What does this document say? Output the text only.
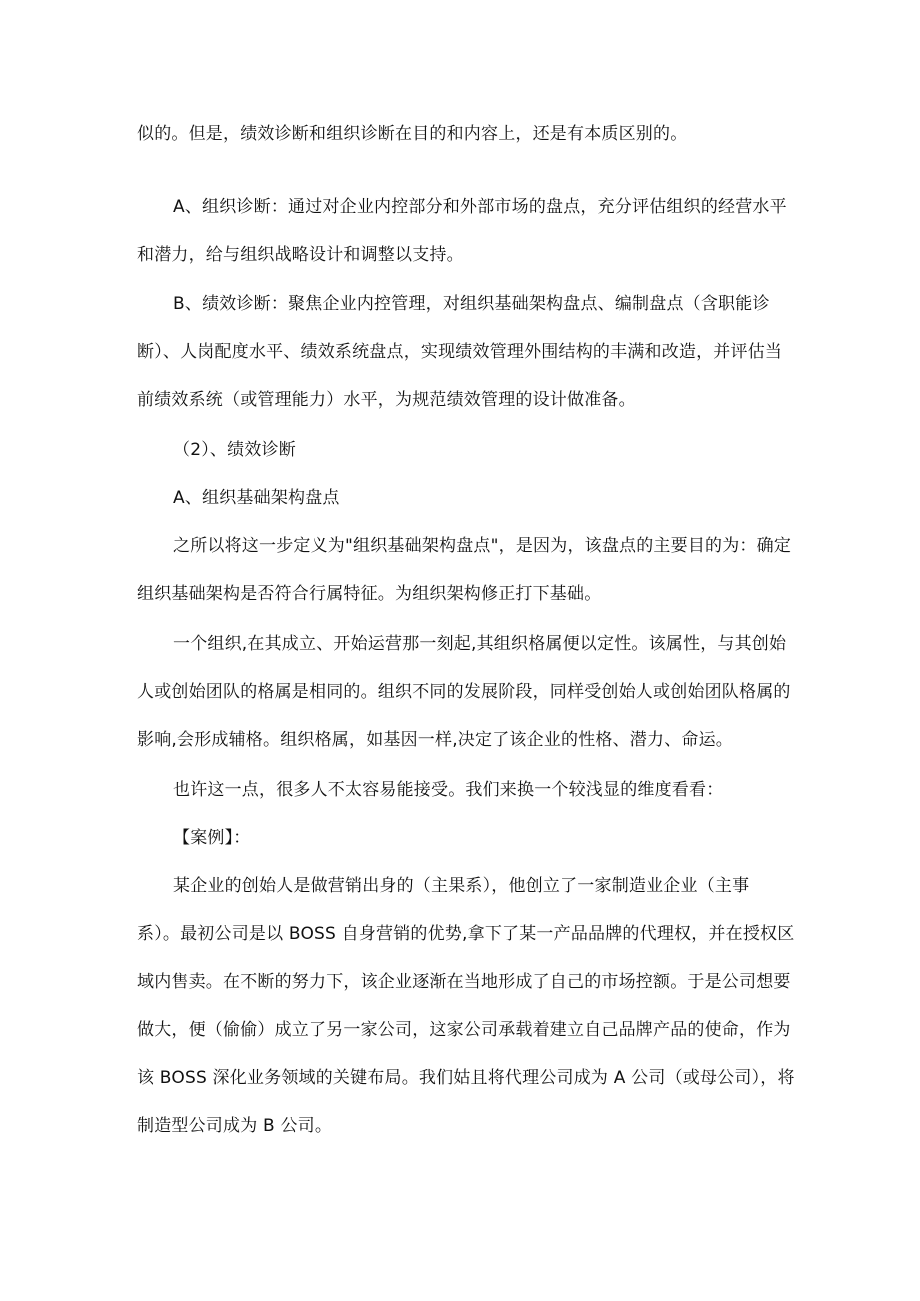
似的。但是，绩效诊断和组织诊断在目的和内容上，还是有本质区别的。
A、组织诊断：通过对企业内控部分和外部市场的盘点，充分评估组织的经营水平
和潜力，给与组织战略设计和调整以支持。
B、绩效诊断：聚焦企业内控管理，对组织基础架构盘点、编制盘点（含职能诊
断）、人岗配度水平、绩效系统盘点，实现绩效管理外围结构的丰满和改造，并评估当
前绩效系统（或管理能力）水平，为规范绩效管理的设计做准备。
（2）、绩效诊断
A、组织基础架构盘点
之所以将这一步定义为"组织基础架构盘点"，是因为，该盘点的主要目的为：确定
组织基础架构是否符合行属特征。为组织架构修正打下基础。
一个组织,在其成立、开始运营那一刻起,其组织格属便以定性。该属性，与其创始
人或创始团队的格属是相同的。组织不同的发展阶段，同样受创始人或创始团队格属的
影响,会形成辅格。组织格属，如基因一样,决定了该企业的性格、潜力、命运。
也许这一点，很多人不太容易能接受。我们来换一个较浅显的维度看看：
【案例】：
某企业的创始人是做营销出身的（主果系），他创立了一家制造业企业（主事
系）。最初公司是以 BOSS 自身营销的优势,拿下了某一产品品牌的代理权，并在授权区
域内售卖。在不断的努力下，该企业逐渐在当地形成了自己的市场控额。于是公司想要
做大，便（偷偷）成立了另一家公司，这家公司承载着建立自己品牌产品的使命，作为
该 BOSS 深化业务领域的关键布局。我们姑且将代理公司成为 A 公司（或母公司），将
制造型公司成为 B 公司。
